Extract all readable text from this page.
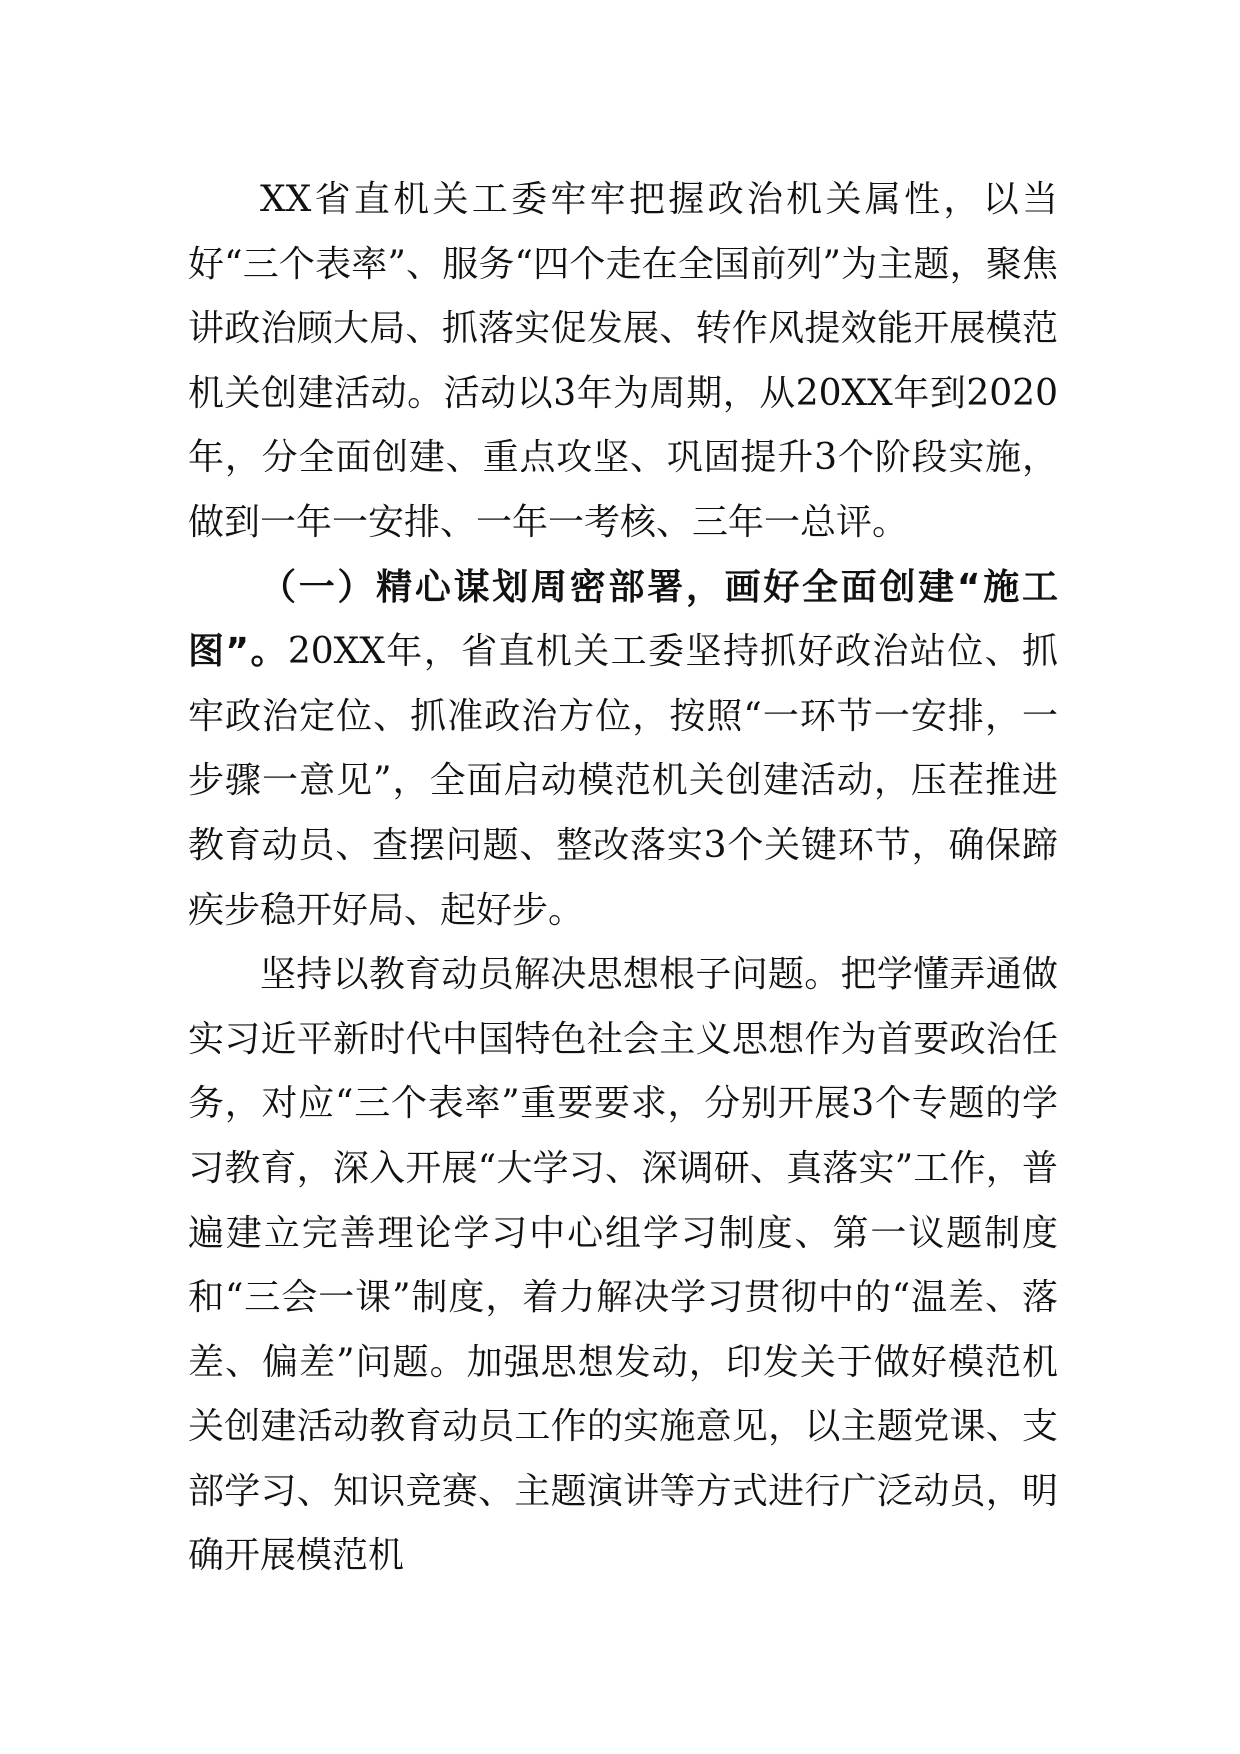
XX省直机关工委牢牢把握政治机关属性，以当好“三个表率”、服务“四个走在全国前列”为主题，聚焦讲政治顾大局、抓落实促发展、转作风提效能开展模范机关创建活动。活动以3年为周期，从20XX年到2020年，分全面创建、重点攻坚、巩固提升3个阶段实施，做到一年一安排、一年一考核、三年一总评。

（一）精心谋划周密部署，画好全面创建“施工图”。20XX年，省直机关工委坚持抓好政治站位、抓牢政治定位、抓准政治方位，按照“一环节一安排，一步骤一意见”，全面启动模范机关创建活动，压茬推进教育动员、查摆问题、整改落实3个关键环节，确保蹄疾步稳开好局、起好步。

坚持以教育动员解决思想根子问题。把学懂弄通做实习近平新时代中国特色社会主义思想作为首要政治任务，对应“三个表率”重要要求，分别开展3个专题的学习教育，深入开展“大学习、深调研、真落实”工作，普遍建立完善理论学习中心组学习制度、第一议题制度和“三会一课”制度，着力解决学习贯彻中的“温差、落差、偏差”问题。加强思想发动，印发关于做好模范机关创建活动教育动员工作的实施意见，以主题党课、支部学习、知识竞赛、主题演讲等方式进行广泛动员，明确开展模范机
